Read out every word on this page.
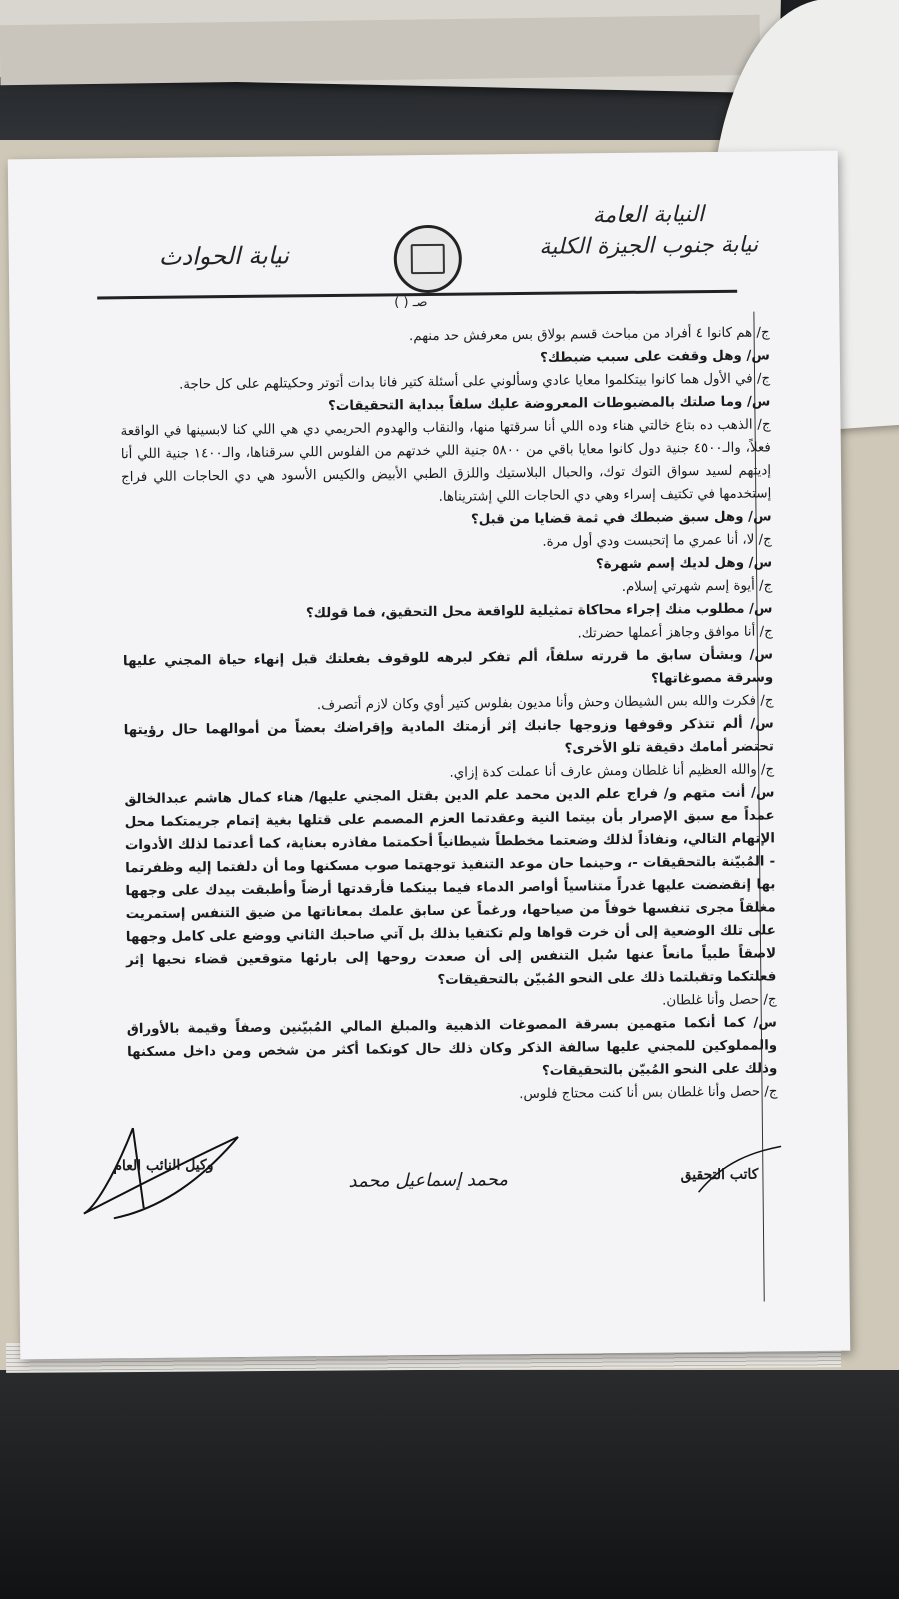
النيابة العامة
نيابة جنوب الجيزة الكلية
نيابة الحوادث
صـ ( )

ج/ هم كانوا ٤ أفراد من مباحث قسم بولاق بس معرفش حد منهم.

س/ وهل وقفت على سبب ضبطك؟

ج/ في الأول هما كانوا بيتكلموا معايا عادي وسألوني على أسئلة كتير فانا بدات أتوتر وحكيتلهم على كل حاجة.

س/ وما صلتك بالمضبوطات المعروضة عليك سلفاً ببداية التحقيقات؟

ج/ الذهب ده بتاع خالتي هناء وده اللي أنا سرقتها منها، والنقاب والهدوم الحريمي دي هي اللي كنا لابسينها في الواقعة فعلاً، والـ٤٥٠٠ جنية دول كانوا معايا باقي من ٥٨٠٠ جنية اللي خدتهم من الفلوس اللي سرقناها، والـ١٤٠٠ جنية اللي أنا إديتهم لسيد سواق التوك توك، والحبال البلاستيك واللزق الطبي الأبيض والكيس الأسود هي دي الحاجات اللي فراج إستخدمها في تكتيف إسراء وهي دي الحاجات اللي إشتريناها.

س/ وهل سبق ضبطك في ثمة قضايا من قبل؟

ج/ لا، أنا عمري ما إتحبست ودي أول مرة.

س/ وهل لديك إسم شهرة؟

ج/ أيوة إسم شهرتي إسلام.

س/ مطلوب منك إجراء محاكاة تمثيلية للواقعة محل التحقيق، فما قولك؟

ج/ أنا موافق وجاهز أعملها حضرتك.

س/ وبشأن سابق ما قررته سلفاً، ألم تفكر لبرهه للوقوف بفعلتك قبل إنهاء حياة المجني عليها وسرقة مصوغاتها؟

ج/ فكرت والله بس الشيطان وحش وأنا مديون بفلوس كتير أوي وكان لازم أتصرف.

س/ ألم تتذكر وقوفها وزوجها جانبك إثر أزمتك المادية وإقراضك بعضاً من أموالهما حال رؤيتها تحتضر أمامك دقيقة تلو الأخرى؟

ج/ والله العظيم أنا غلطان ومش عارف أنا عملت كدة إزاي.

س/ أنت متهم و/ فراج علم الدين محمد علم الدين بقتل المجني عليها/ هناء كمال هاشم عبدالخالق عمداً مع سبق الإصرار بأن بيتما النية وعقدتما العزم المصمم على قتلها بغية إتمام جريمتكما محل الإتهام التالي، ونفاذاً لذلك وضعتما مخططاً شيطانياً أحكمتما مفاذره بعناية، كما أعدتما لذلك الأدوات - المُبيّنة بالتحقيقات -، وحينما حان موعد التنفيذ توجهتما صوب مسكنها وما أن دلفتما إليه وظفرتما بها إنقضضت عليها غدراً متناسياً أواصر الدماء فيما بينكما فأرقدتها أرضاً وأطبقت بيدك على وجهها مغلقاً مجرى تنفسها خوفاً من صياحها، ورغماً عن سابق علمك بمعاناتها من ضيق التنفس إستمريت على تلك الوضعية إلى أن خرت قواها ولم تكتفيا بذلك بل آتي صاحبك الثاني ووضع على كامل وجهها لاصقاً طبياً مانعاً عنها سُبل التنفس إلى أن صعدت روحها إلى بارئها متوقعين قضاء نحبها إثر فعلتكما وتقبلتما ذلك على النحو المُبيّن بالتحقيقات؟

ج/ حصل وأنا غلطان.

س/ كما أنكما متهمين بسرقة المصوغات الذهبية والمبلغ المالي المُبيّنين وصفاً وقيمة بالأوراق والمملوكين للمجني عليها سالفة الذكر وكان ذلك حال كونكما أكثر من شخص ومن داخل مسكنها وذلك على النحو المُبيّن بالتحقيقات؟

ج/ حصل وأنا غلطان بس أنا كنت محتاج فلوس.

وكيل النائب العام
محمد إسماعيل محمد	كاتب التحقيق
